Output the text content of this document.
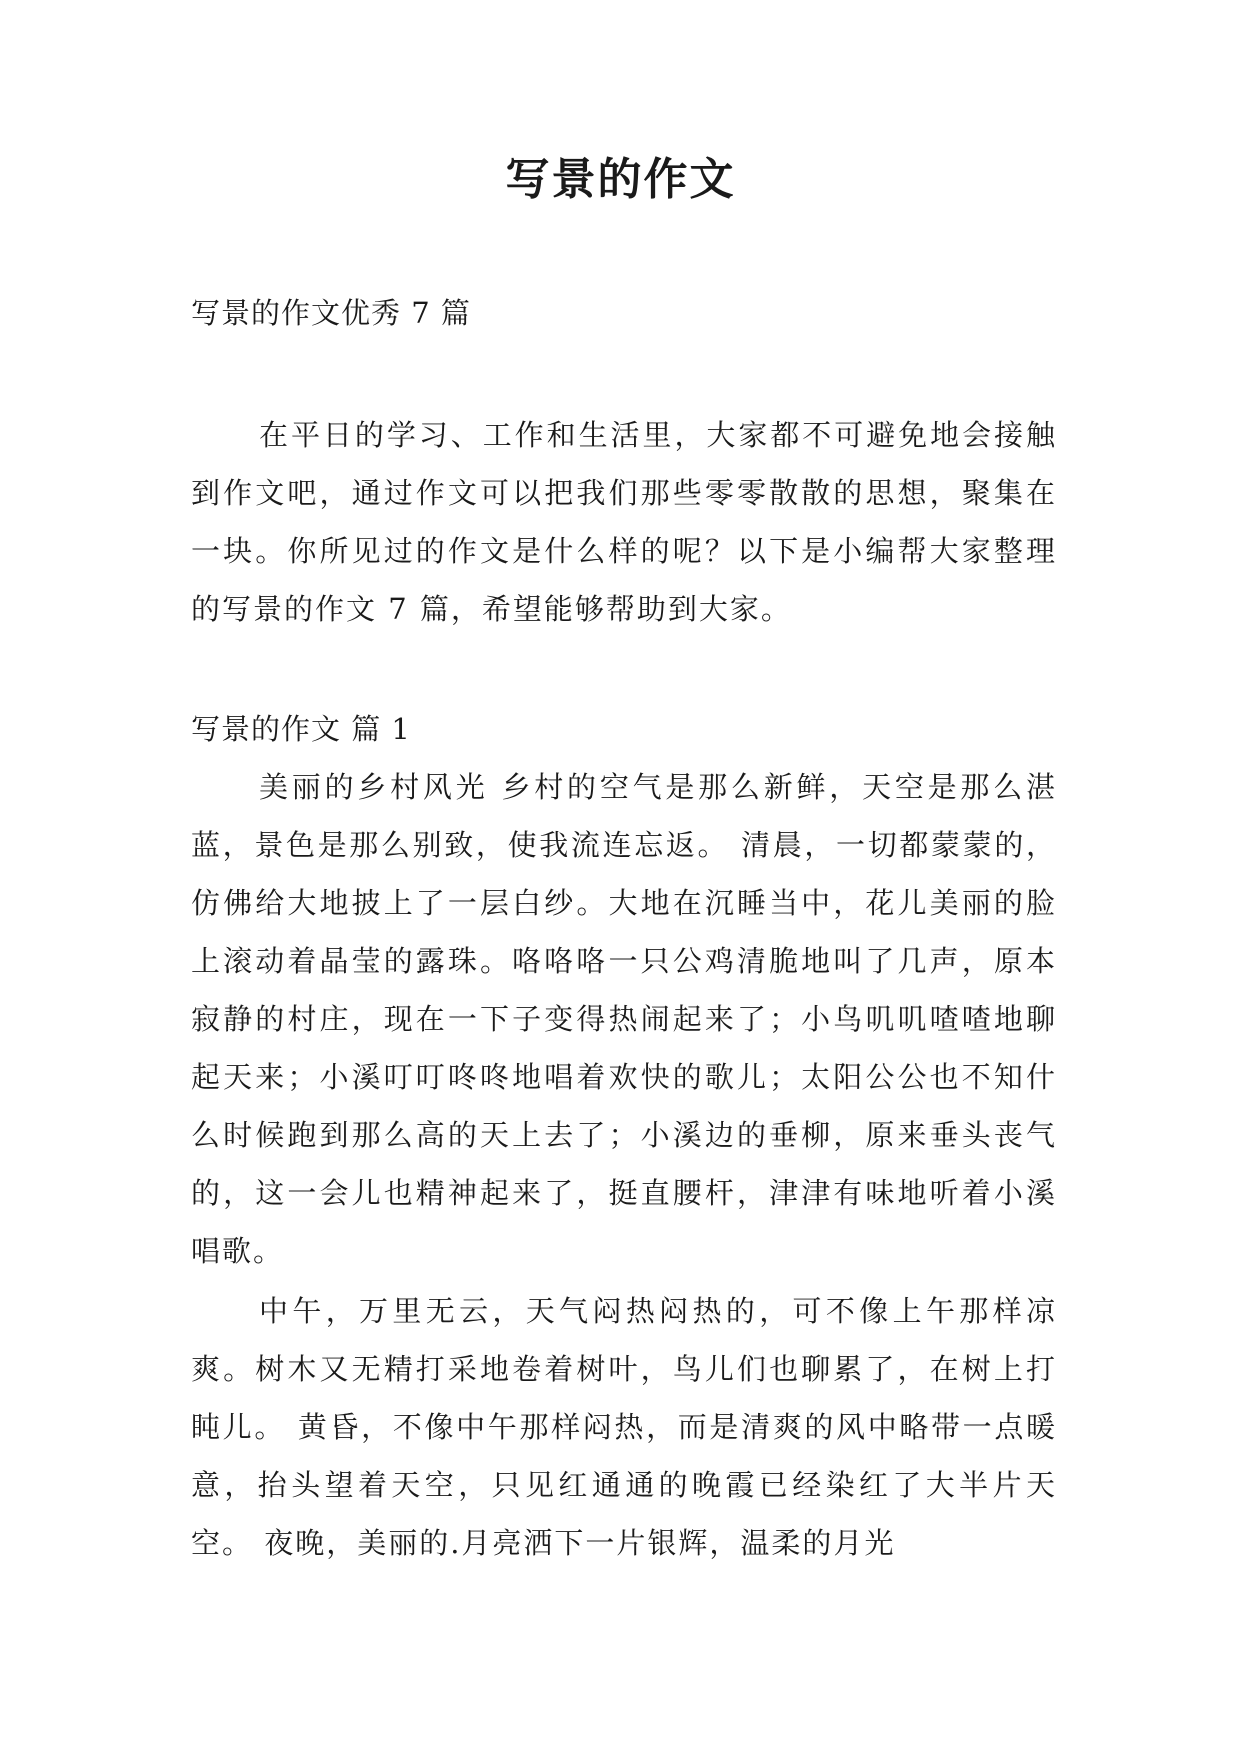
写景的作文
写景的作文优秀 7 篇

在平日的学习、工作和生活里，大家都不可避免地会接触到作文吧，通过作文可以把我们那些零零散散的思想，聚集在一块。你所见过的作文是什么样的呢？以下是小编帮大家整理的写景的作文 7 篇，希望能够帮助到大家。

写景的作文 篇 1

美丽的乡村风光 乡村的空气是那么新鲜，天空是那么湛蓝，景色是那么别致，使我流连忘返。 清晨，一切都蒙蒙的，仿佛给大地披上了一层白纱。大地在沉睡当中，花儿美丽的脸上滚动着晶莹的露珠。咯咯咯一只公鸡清脆地叫了几声，原本寂静的村庄，现在一下子变得热闹起来了；小鸟叽叽喳喳地聊起天来；小溪叮叮咚咚地唱着欢快的歌儿；太阳公公也不知什么时候跑到那么高的天上去了；小溪边的垂柳，原来垂头丧气的，这一会儿也精神起来了，挺直腰杆，津津有味地听着小溪唱歌。

中午，万里无云，天气闷热闷热的，可不像上午那样凉爽。树木又无精打采地卷着树叶，鸟儿们也聊累了，在树上打盹儿。 黄昏，不像中午那样闷热，而是清爽的风中略带一点暖意，抬头望着天空，只见红通通的晚霞已经染红了大半片天空。 夜晚，美丽的.月亮洒下一片银辉，温柔的月光
